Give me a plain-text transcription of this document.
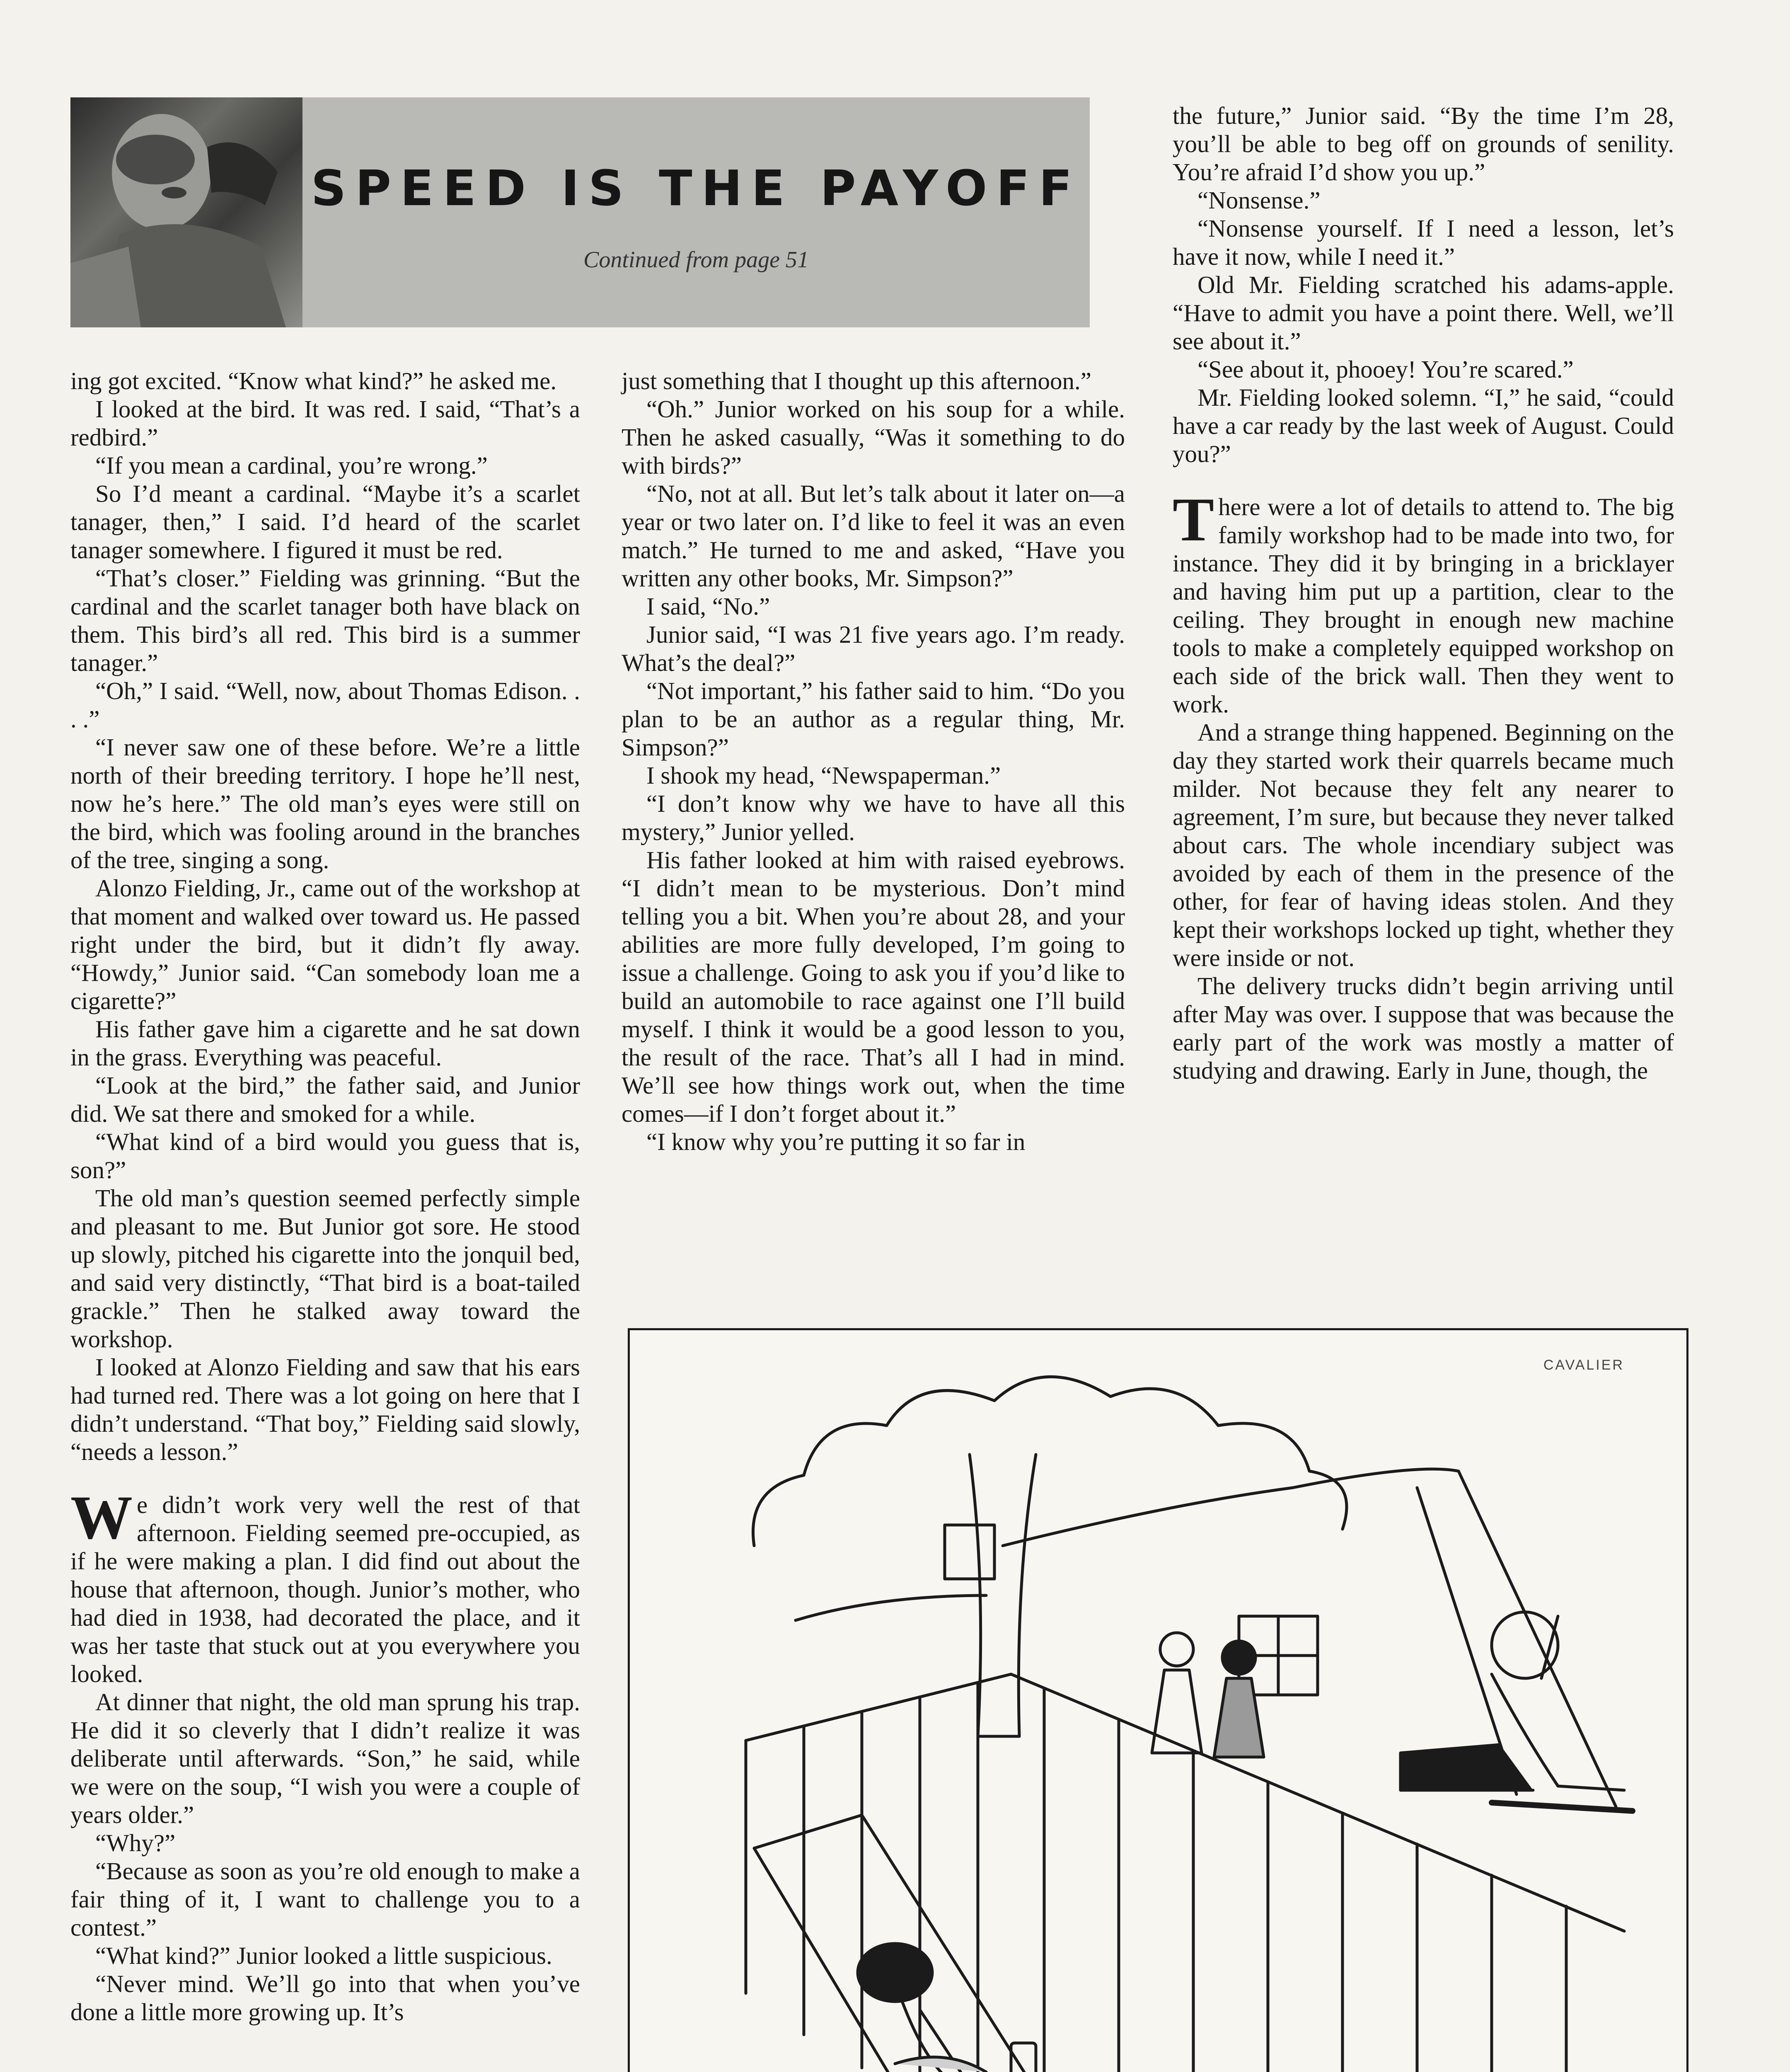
SPEED IS THE PAYOFF
Continued from page 51

ing got excited. “Know what kind?” he asked me.

I looked at the bird. It was red. I said, “That’s a redbird.”

“If you mean a cardinal, you’re wrong.”

So I’d meant a cardinal. “Maybe it’s a scarlet tanager, then,” I said. I’d heard of the scarlet tanager somewhere. I figured it must be red.

“That’s closer.” Fielding was grinning. “But the cardinal and the scarlet tanager both have black on them. This bird’s all red. This bird is a summer tanager.”

“Oh,” I said. “Well, now, about Thomas Edison. . . .”

“I never saw one of these before. We’re a little north of their breeding territory. I hope he’ll nest, now he’s here.” The old man’s eyes were still on the bird, which was fooling around in the branches of the tree, singing a song.

Alonzo Fielding, Jr., came out of the workshop at that moment and walked over toward us. He passed right under the bird, but it didn’t fly away. “Howdy,” Junior said. “Can somebody loan me a cigarette?”

His father gave him a cigarette and he sat down in the grass. Everything was peaceful.

“Look at the bird,” the father said, and Junior did. We sat there and smoked for a while.

“What kind of a bird would you guess that is, son?”

The old man’s question seemed perfectly simple and pleasant to me. But Junior got sore. He stood up slowly, pitched his cigarette into the jonquil bed, and said very distinctly, “That bird is a boat-tailed grackle.” Then he stalked away toward the workshop.

I looked at Alonzo Fielding and saw that his ears had turned red. There was a lot going on here that I didn’t understand. “That boy,” Fielding said slowly, “needs a lesson.”

We didn’t work very well the rest of that afternoon. Fielding seemed pre-occupied, as if he were making a plan. I did find out about the house that afternoon, though. Junior’s mother, who had died in 1938, had decorated the place, and it was her taste that stuck out at you everywhere you looked.

At dinner that night, the old man sprung his trap. He did it so cleverly that I didn’t realize it was deliberate until afterwards. “Son,” he said, while we were on the soup, “I wish you were a couple of years older.”

“Why?”

“Because as soon as you’re old enough to make a fair thing of it, I want to challenge you to a contest.”

“What kind?” Junior looked a little suspicious.

“Never mind. We’ll go into that when you’ve done a little more growing up. It’s

just something that I thought up this afternoon.”

“Oh.” Junior worked on his soup for a while. Then he asked casually, “Was it something to do with birds?”

“No, not at all. But let’s talk about it later on—a year or two later on. I’d like to feel it was an even match.” He turned to me and asked, “Have you written any other books, Mr. Simpson?”

I said, “No.”

Junior said, “I was 21 five years ago. I’m ready. What’s the deal?”

“Not important,” his father said to him. “Do you plan to be an author as a regular thing, Mr. Simpson?”

I shook my head, “Newspaperman.”

“I don’t know why we have to have all this mystery,” Junior yelled.

His father looked at him with raised eyebrows. “I didn’t mean to be mysterious. Don’t mind telling you a bit. When you’re about 28, and your abilities are more fully developed, I’m going to issue a challenge. Going to ask you if you’d like to build an automobile to race against one I’ll build myself. I think it would be a good lesson to you, the result of the race. That’s all I had in mind. We’ll see how things work out, when the time comes—if I don’t forget about it.”

“I know why you’re putting it so far in

the future,” Junior said. “By the time I’m 28, you’ll be able to beg off on grounds of senility. You’re afraid I’d show you up.”

“Nonsense.”

“Nonsense yourself. If I need a lesson, let’s have it now, while I need it.”

Old Mr. Fielding scratched his adams-apple. “Have to admit you have a point there. Well, we’ll see about it.”

“See about it, phooey! You’re scared.”

Mr. Fielding looked solemn. “I,” he said, “could have a car ready by the last week of August. Could you?”

There were a lot of details to attend to. The big family workshop had to be made into two, for instance. They did it by bringing in a bricklayer and having him put up a partition, clear to the ceiling. They brought in enough new machine tools to make a completely equipped workshop on each side of the brick wall. Then they went to work.

And a strange thing happened. Beginning on the day they started work their quarrels became much milder. Not because they felt any nearer to agreement, I’m sure, but because they never talked about cars. The whole incendiary subject was avoided by each of them in the presence of the other, for fear of having ideas stolen. And they kept their workshops locked up tight, whether they were inside or not.

The delivery trucks didn’t begin arriving until after May was over. I suppose that was because the early part of the work was mostly a matter of studying and drawing. Early in June, though, the

CAVALIER
